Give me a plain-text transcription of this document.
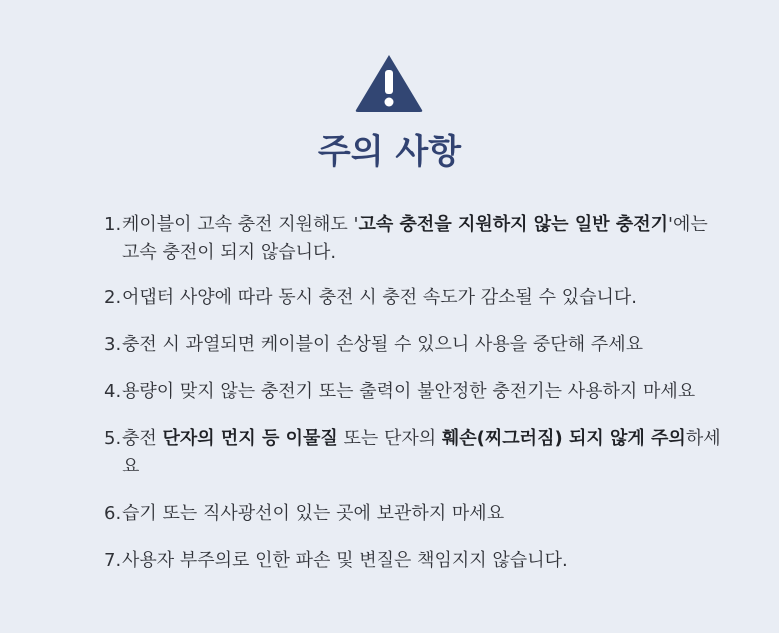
주의 사항
1. 케이블이 고속 충전 지원해도 '고속 충전을 지원하지 않는 일반 충전기'에는
고속 충전이 되지 않습니다.
2. 어댑터 사양에 따라 동시 충전 시 충전 속도가 감소될 수 있습니다.
3. 충전 시 과열되면 케이블이 손상될 수 있으니 사용을 중단해 주세요
4. 용량이 맞지 않는 충전기 또는 출력이 불안정한 충전기는 사용하지 마세요
5. 충전 단자의 먼지 등 이물질 또는 단자의 훼손(찌그러짐) 되지 않게 주의하세요
6. 습기 또는 직사광선이 있는 곳에 보관하지 마세요
7. 사용자 부주의로 인한 파손 및 변질은 책임지지 않습니다.
